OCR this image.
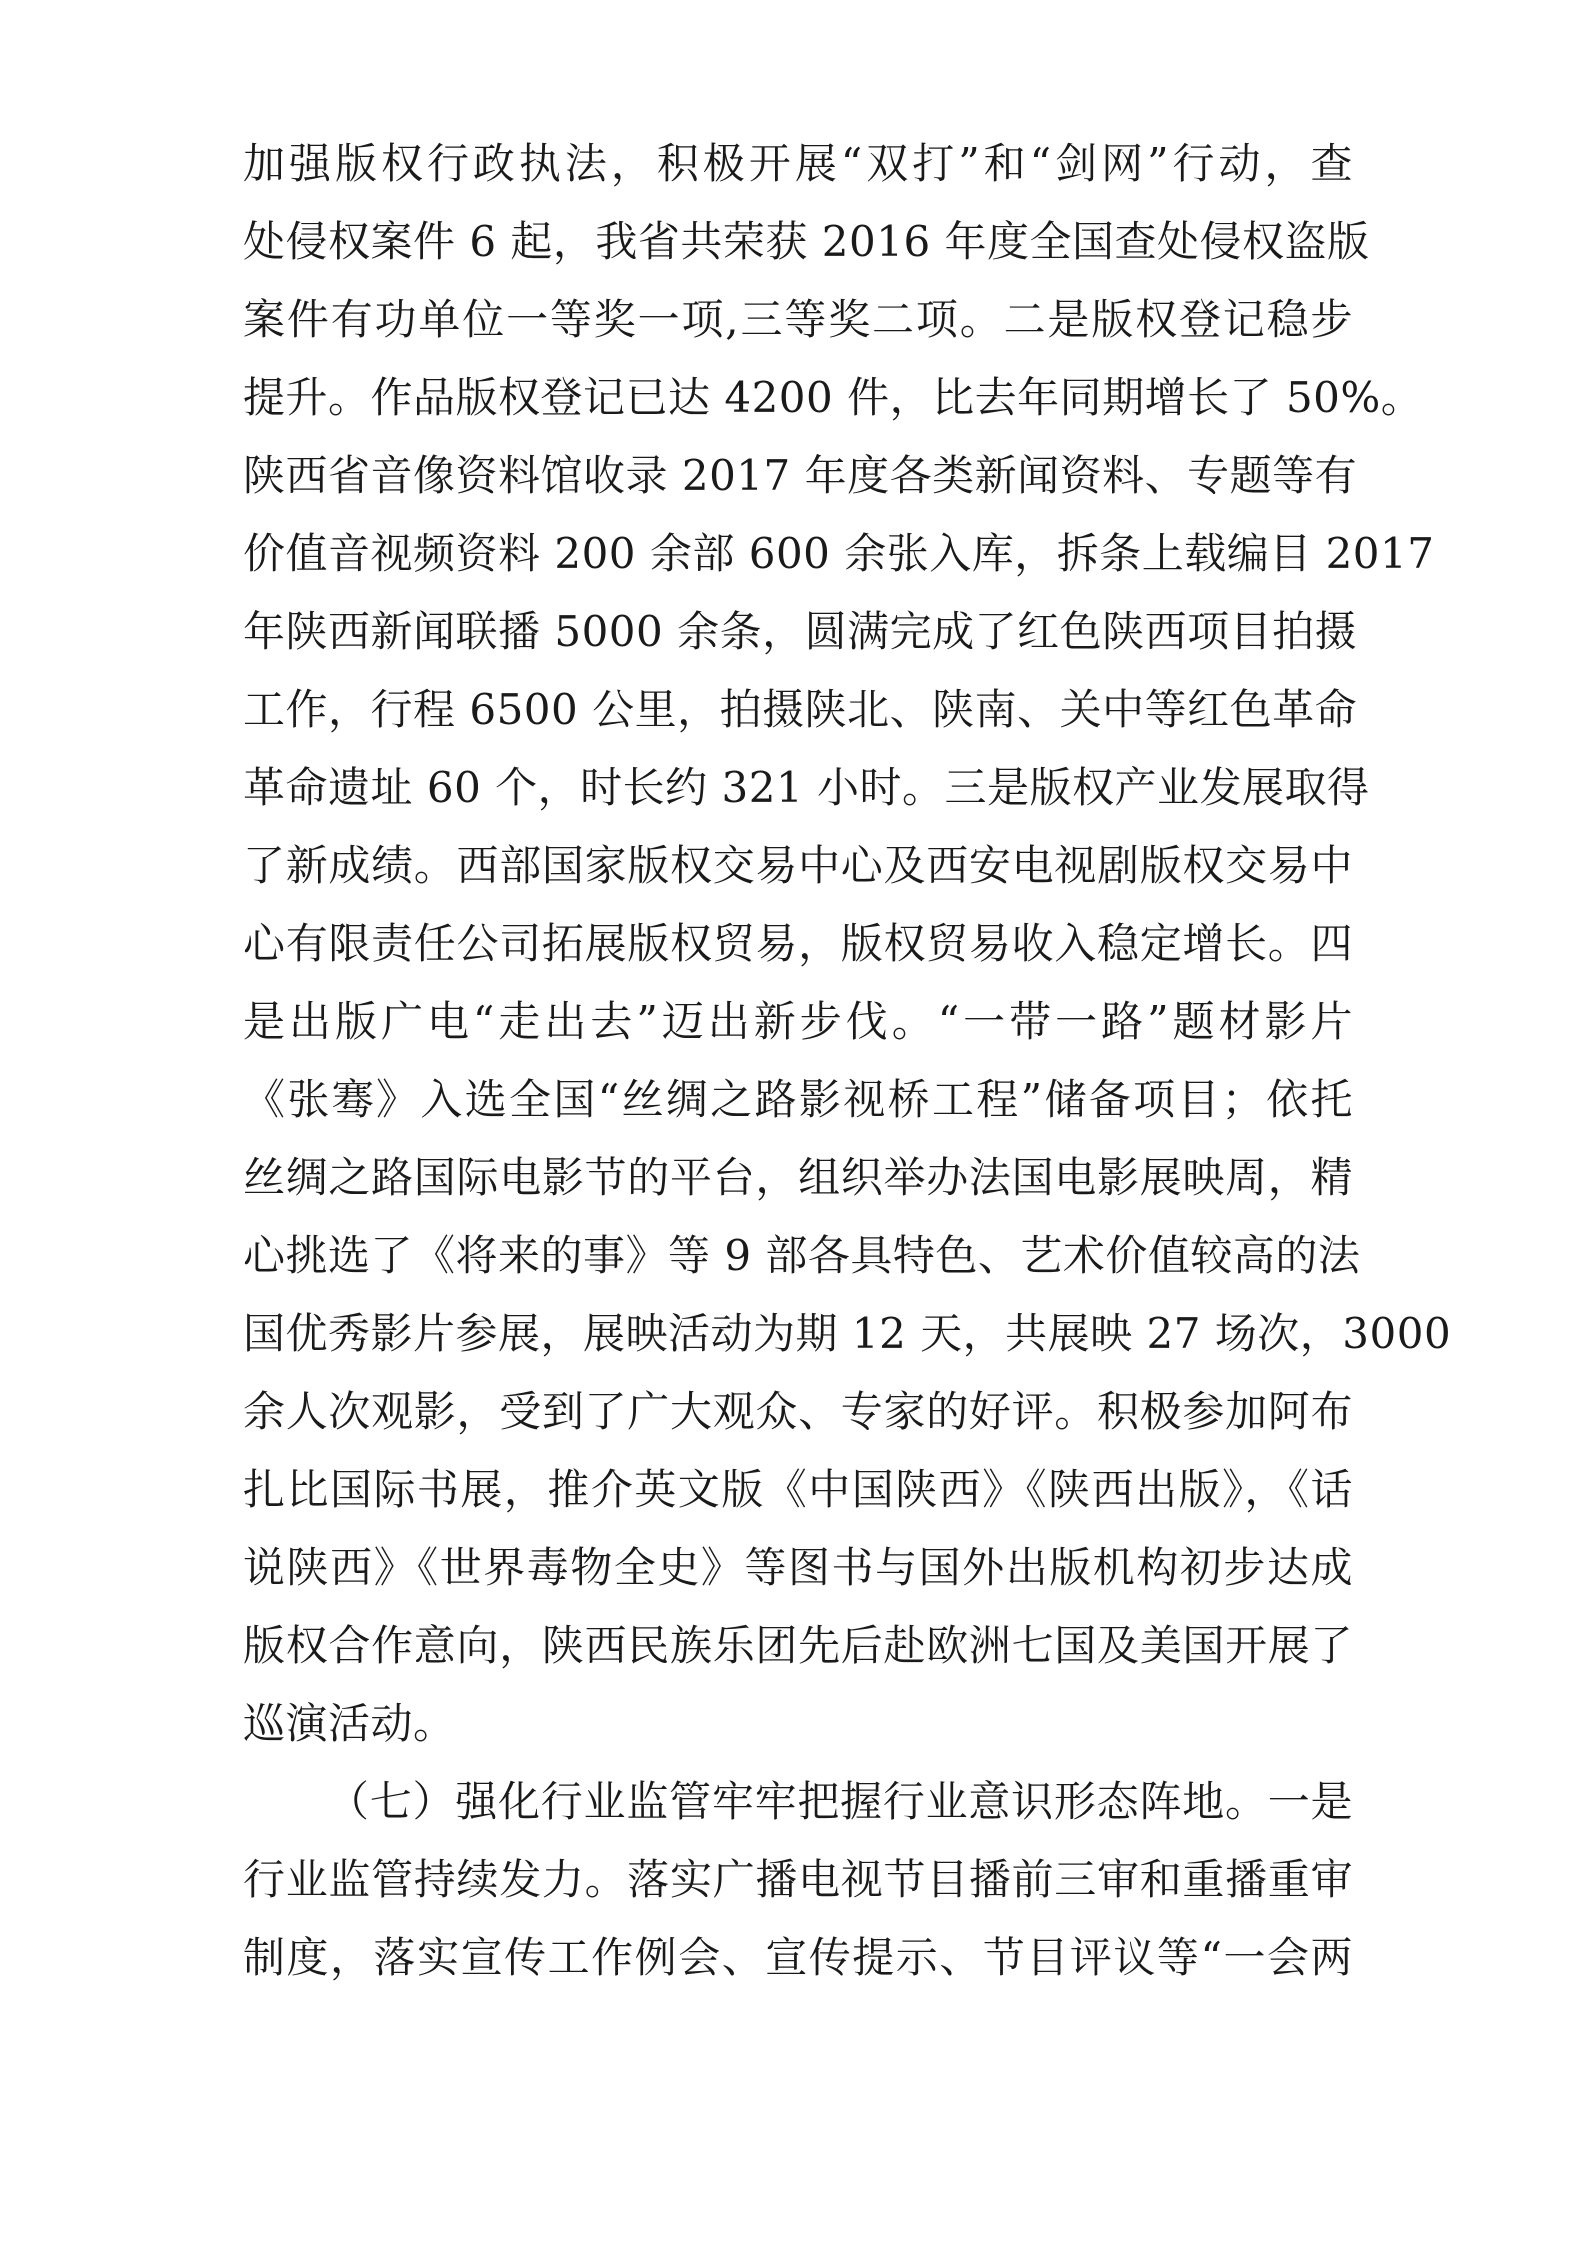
加强版权行政执法，积极开展“双打”和“剑网”行动，查
处侵权案件 6 起，我省共荣获 2016 年度全国查处侵权盗版
案件有功单位一等奖一项,三等奖二项。二是版权登记稳步
提升。作品版权登记已达 4200 件，比去年同期增长了 50%。
陕西省音像资料馆收录 2017 年度各类新闻资料、专题等有
价值音视频资料 200 余部 600 余张入库，拆条上载编目 2017
年陕西新闻联播 5000 余条，圆满完成了红色陕西项目拍摄
工作，行程 6500 公里，拍摄陕北、陕南、关中等红色革命
革命遗址 60 个，时长约 321 小时。三是版权产业发展取得
了新成绩。西部国家版权交易中心及西安电视剧版权交易中
心有限责任公司拓展版权贸易，版权贸易收入稳定增长。四
是出版广电“走出去”迈出新步伐。“一带一路”题材影片
《张骞》入选全国“丝绸之路影视桥工程”储备项目；依托
丝绸之路国际电影节的平台，组织举办法国电影展映周，精
心挑选了《将来的事》等 9 部各具特色、艺术价值较高的法
国优秀影片参展，展映活动为期 12 天，共展映 27 场次，3000
余人次观影，受到了广大观众、专家的好评。积极参加阿布
扎比国际书展，推介英文版《中国陕西》《陕西出版》，《话
说陕西》《世界毒物全史》等图书与国外出版机构初步达成
版权合作意向，陕西民族乐团先后赴欧洲七国及美国开展了
巡演活动。
（七）强化行业监管牢牢把握行业意识形态阵地。一是
行业监管持续发力。落实广播电视节目播前三审和重播重审
制度，落实宣传工作例会、宣传提示、节目评议等“一会两
